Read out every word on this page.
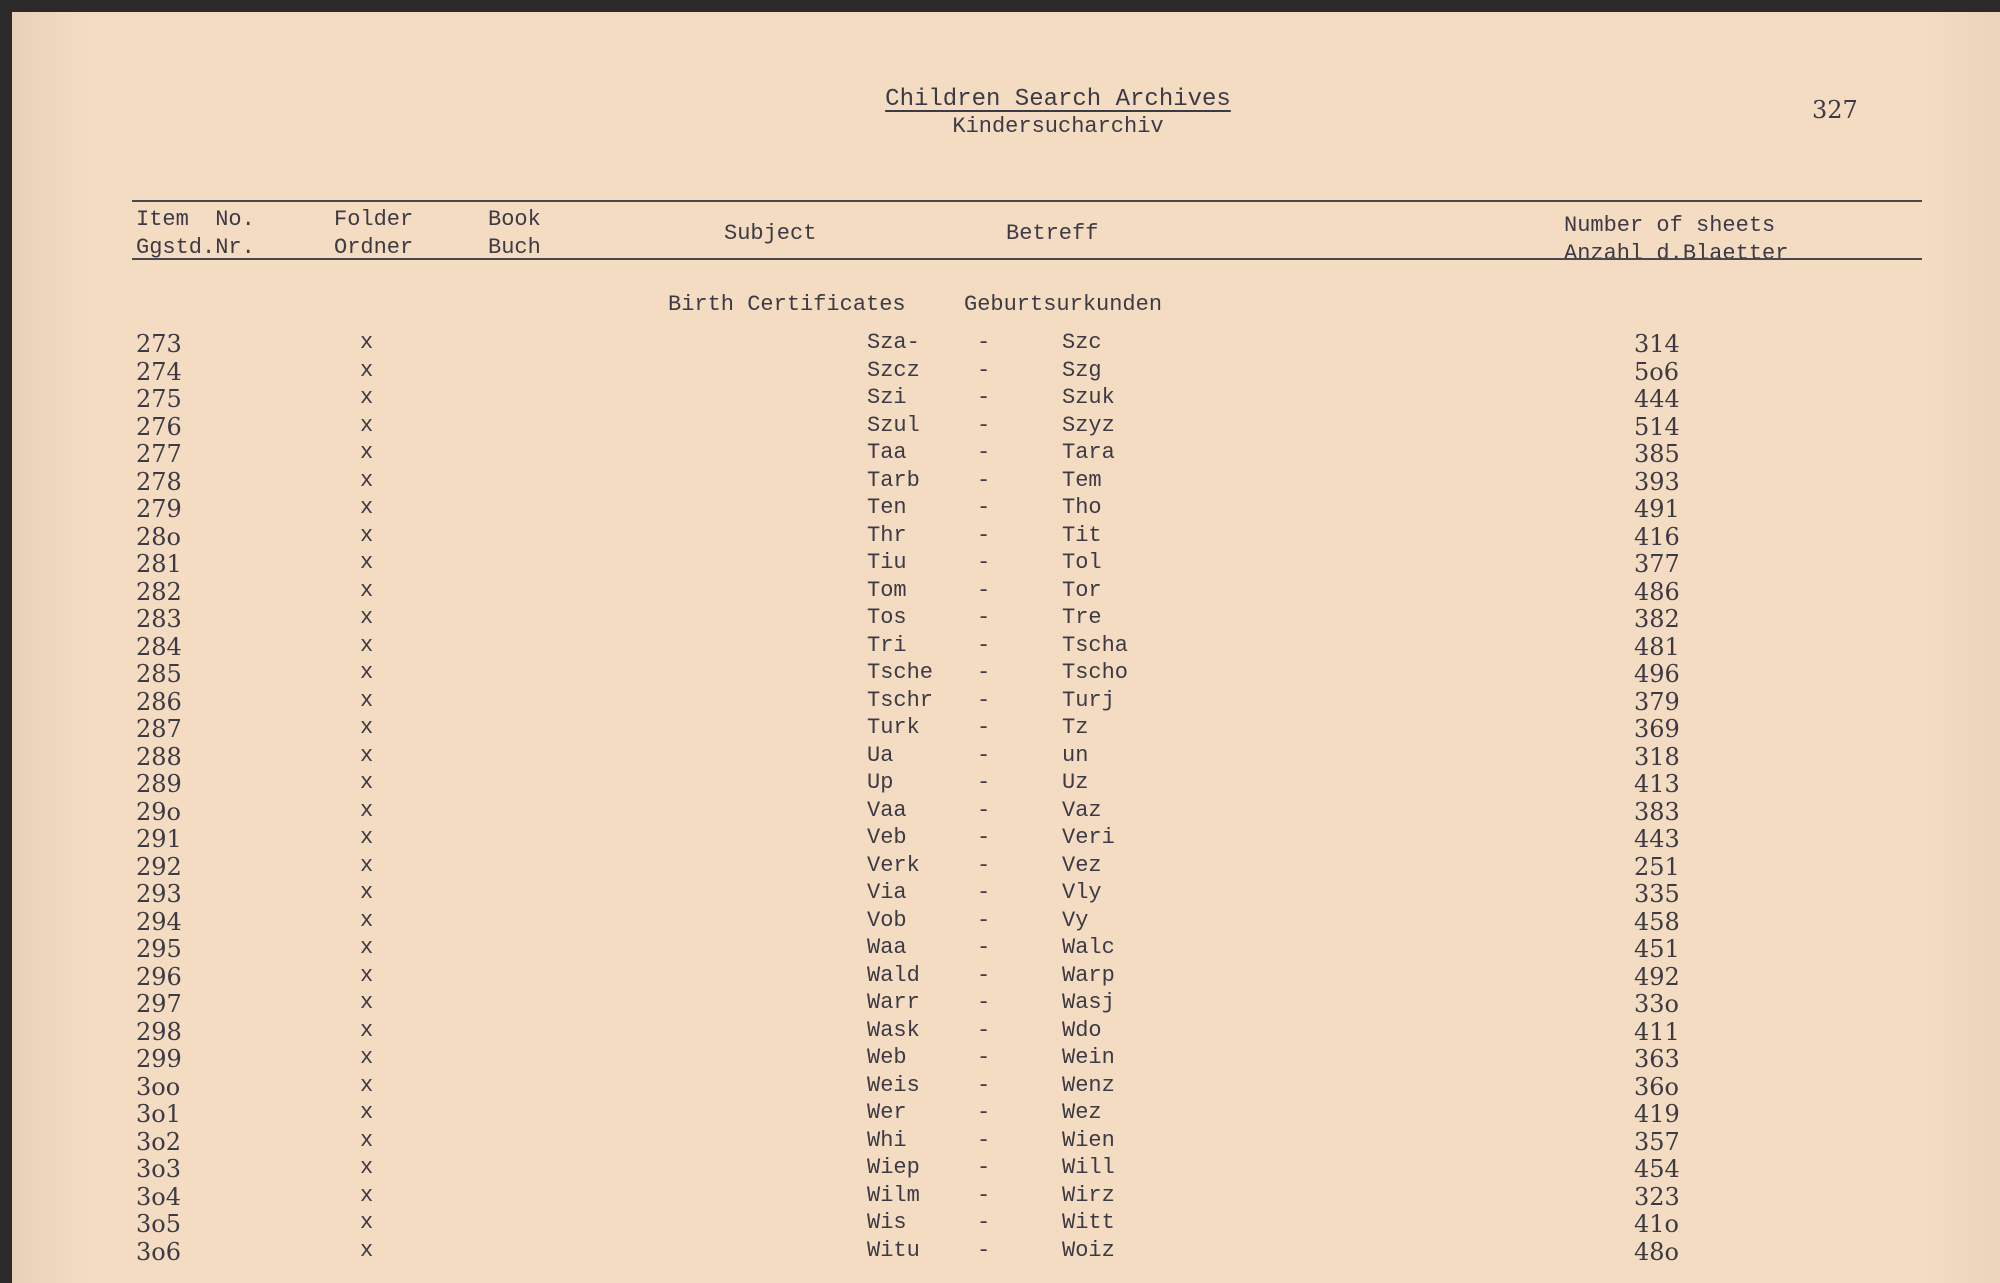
Children Search Archives
Kindersucharchiv
327
Item  No.
Ggstd.Nr.
Folder
Ordner
Book
Buch
Subject	Betreff	Number of sheets
Anzahl d.Blaetter
Birth Certificates	Geburtsurkunden
273	x	Sza-	-	Szc	314
274	x	Szcz	-	Szg	5o6
275	x	Szi	-	Szuk	444
276	x	Szul	-	Szyz	514
277	x	Taa	-	Tara	385
278	x	Tarb	-	Tem	393
279	x	Ten	-	Tho	491
28o	x	Thr	-	Tit	416
281	x	Tiu	-	Tol	377
282	x	Tom	-	Tor	486
283	x	Tos	-	Tre	382
284	x	Tri	-	Tscha	481
285	x	Tsche -	Tscho	496
286	x	Tschr -	Turj	379
287	x	Turk	-	Tz	369
288	x	Ua	-	un	318
289	x	Up	-	Uz	413
29o	x	Vaa	-	Vaz	383
291	x	Veb	-	Veri	443
292	x	Verk	-	Vez	251
293	x	Via	-	Vly	335
294	x	Vob	-	Vy	458
295	x	Waa	-	Walc	451
296	x	Wald	-	Warp	492
297	x	Warr	-	Wasj	33o
298	x	Wask	-	Wdo	411
299	x	Web	-	Wein	363
3oo	x	Weis	-	Wenz	36o
3o1	x	Wer	-	Wez	419
3o2	x	Whi	-	Wien	357
3o3	x	Wiep	-	Will	454
3o4	x	Wilm	-	Wirz	323
3o5	x	Wis	-	Witt	41o
3o6	x	Witu	-	Woiz	48o
